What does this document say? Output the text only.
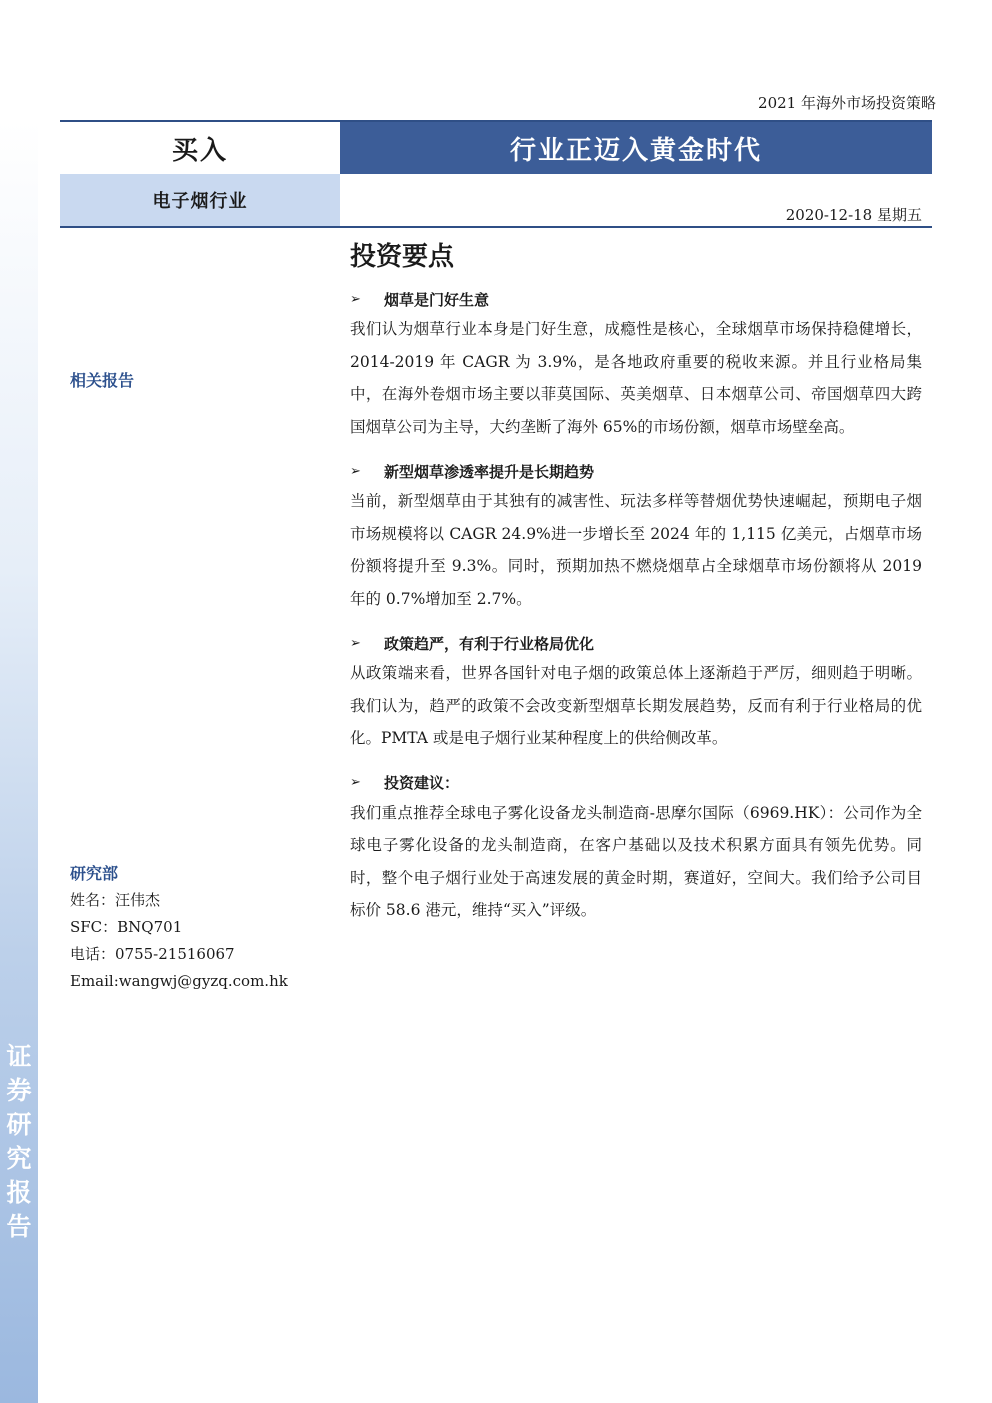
证券研究报告
2021 年海外市场投资策略
买入	行业正迈入黄金时代
电子烟行业
2020-12-18 星期五
相关报告
研究部
姓名：汪伟杰
SFC：BNQ701
电话：0755-21516067
Email:wangwj@gyzq.com.hk
投资要点
➢	烟草是门好生意
我们认为烟草行业本身是门好生意，成瘾性是核心，全球烟草市场保持稳健增长，2014-2019 年 CAGR 为 3.9%，是各地政府重要的税收来源。并且行业格局集中，在海外卷烟市场主要以菲莫国际、英美烟草、日本烟草公司、帝国烟草四大跨国烟草公司为主导，大约垄断了海外 65%的市场份额，烟草市场壁垒高。
➢	新型烟草渗透率提升是长期趋势
当前，新型烟草由于其独有的减害性、玩法多样等替烟优势快速崛起，预期电子烟市场规模将以 CAGR 24.9%进一步增长至 2024 年的 1,115 亿美元，占烟草市场份额将提升至 9.3%。同时，预期加热不燃烧烟草占全球烟草市场份额将从 2019 年的 0.7%增加至 2.7%。
➢	政策趋严，有利于行业格局优化
从政策端来看，世界各国针对电子烟的政策总体上逐渐趋于严厉，细则趋于明晰。我们认为，趋严的政策不会改变新型烟草长期发展趋势，反而有利于行业格局的优化。PMTA 或是电子烟行业某种程度上的供给侧改革。
➢	投资建议：
我们重点推荐全球电子雾化设备龙头制造商-思摩尔国际（6969.HK）：公司作为全球电子雾化设备的龙头制造商，在客户基础以及技术积累方面具有领先优势。同时，整个电子烟行业处于高速发展的黄金时期，赛道好，空间大。我们给予公司目标价 58.6 港元，维持“买入”评级。
